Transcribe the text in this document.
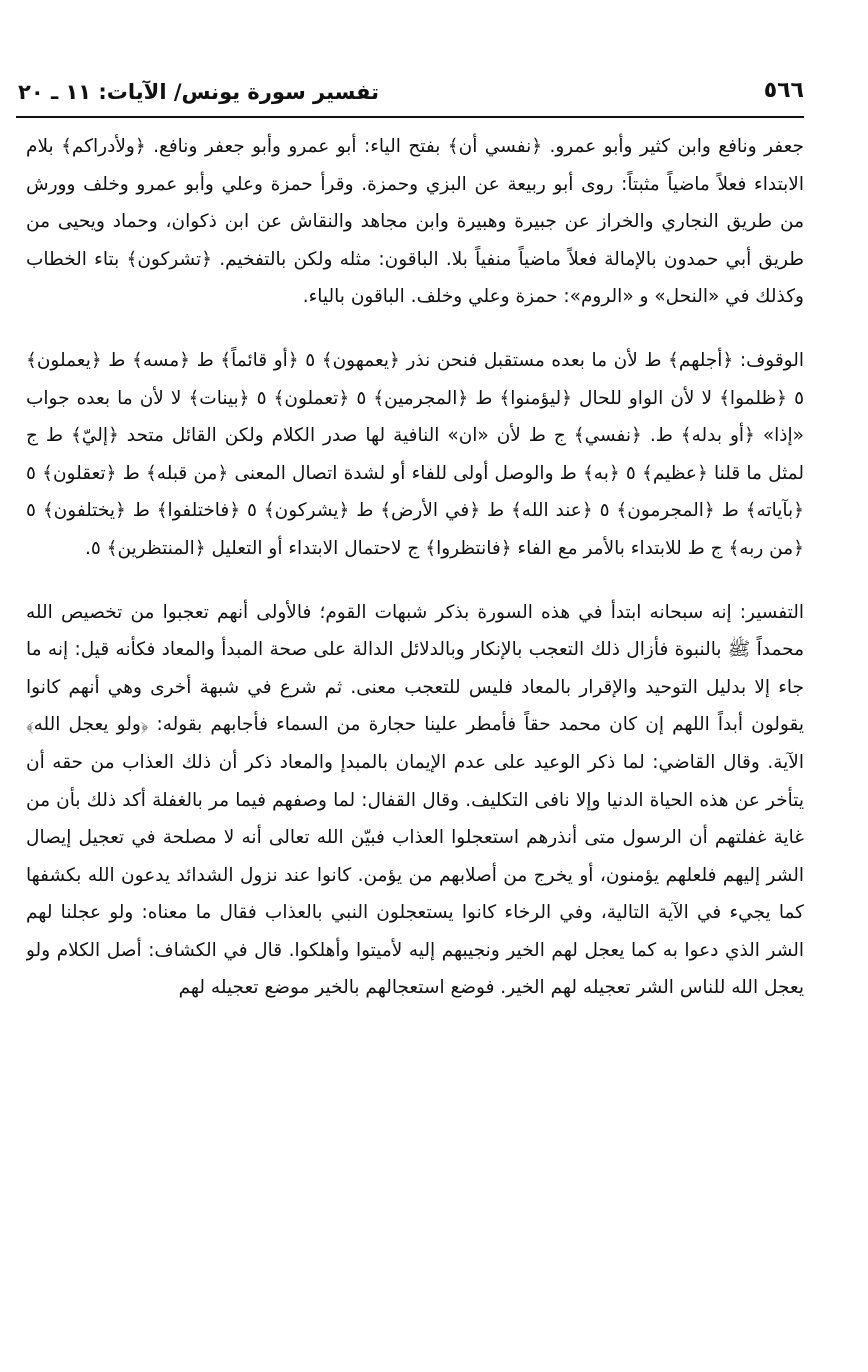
٥٦٦
تفسير سورة يونس/ الآيات: ١١ ـ ٢٠

جعفر ونافع وابن كثير وأبو عمرو. ﴿نفسي أن﴾ بفتح الياء: أبو عمرو وأبو جعفر ونافع. ﴿ولأدراكم﴾ بلام الابتداء فعلاً ماضياً مثبتاً: روى أبو ربيعة عن البزي وحمزة. وقرأ حمزة وعلي وأبو عمرو وخلف وورش من طريق النجاري والخراز عن جبيرة وهبيرة وابن مجاهد والنقاش عن ابن ذكوان، وحماد ويحيى من طريق أبي حمدون بالإمالة فعلاً ماضياً منفياً بلا. الباقون: مثله ولكن بالتفخيم. ﴿تشركون﴾ بتاء الخطاب وكذلك في «النحل» و «الروم»: حمزة وعلي وخلف. الباقون بالياء.

الوقوف: ﴿أجلهم﴾ ط لأن ما بعده مستقبل فنحن نذر ﴿يعمهون﴾ ٥ ﴿أو قائماً﴾ ط ﴿مسه﴾ ط ﴿يعملون﴾ ٥ ﴿ظلموا﴾ لا لأن الواو للحال ﴿ليؤمنوا﴾ ط ﴿المجرمين﴾ ٥ ﴿تعملون﴾ ٥ ﴿بينات﴾ لا لأن ما بعده جواب «إذا» ﴿أو بدله﴾ ط. ﴿نفسي﴾ ج ط لأن «ان» النافية لها صدر الكلام ولكن القائل متحد ﴿إليّ﴾ ط ج لمثل ما قلنا ﴿عظيم﴾ ٥ ﴿به﴾ ط والوصل أولى للفاء أو لشدة اتصال المعنى ﴿من قبله﴾ ط ﴿تعقلون﴾ ٥ ﴿بآياته﴾ ط ﴿المجرمون﴾ ٥ ﴿عند الله﴾ ط ﴿في الأرض﴾ ط ﴿يشركون﴾ ٥ ﴿فاختلفوا﴾ ط ﴿يختلفون﴾ ٥ ﴿من ربه﴾ ج ط للابتداء بالأمر مع الفاء ﴿فانتظروا﴾ ج لاحتمال الابتداء أو التعليل ﴿المنتظرين﴾ ٥.

التفسير: إنه سبحانه ابتدأ في هذه السورة بذكر شبهات القوم؛ فالأولى أنهم تعجبوا من تخصيص الله محمداً ﷺ بالنبوة فأزال ذلك التعجب بالإنكار وبالدلائل الدالة على صحة المبدأ والمعاد فكأنه قيل: إنه ما جاء إلا بدليل التوحيد والإقرار بالمعاد فليس للتعجب معنى. ثم شرع في شبهة أخرى وهي أنهم كانوا يقولون أبداً اللهم إن كان محمد حقاً فأمطر علينا حجارة من السماء فأجابهم بقوله: ﴿ولو يعجل الله﴾ الآية. وقال القاضي: لما ذكر الوعيد على عدم الإيمان بالمبدإ والمعاد ذكر أن ذلك العذاب من حقه أن يتأخر عن هذه الحياة الدنيا وإلا نافى التكليف. وقال القفال: لما وصفهم فيما مر بالغفلة أكد ذلك بأن من غاية غفلتهم أن الرسول متى أنذرهم استعجلوا العذاب فبيّن الله تعالى أنه لا مصلحة في تعجيل إيصال الشر إليهم فلعلهم يؤمنون، أو يخرج من أصلابهم من يؤمن. كانوا عند نزول الشدائد يدعون الله بكشفها كما يجيء في الآية التالية، وفي الرخاء كانوا يستعجلون النبي بالعذاب فقال ما معناه: ولو عجلنا لهم الشر الذي دعوا به كما يعجل لهم الخير ونجيبهم إليه لأميتوا وأهلكوا. قال في الكشاف: أصل الكلام ولو يعجل الله للناس الشر تعجيله لهم الخير. فوضع استعجالهم بالخير موضع تعجيله لهم
